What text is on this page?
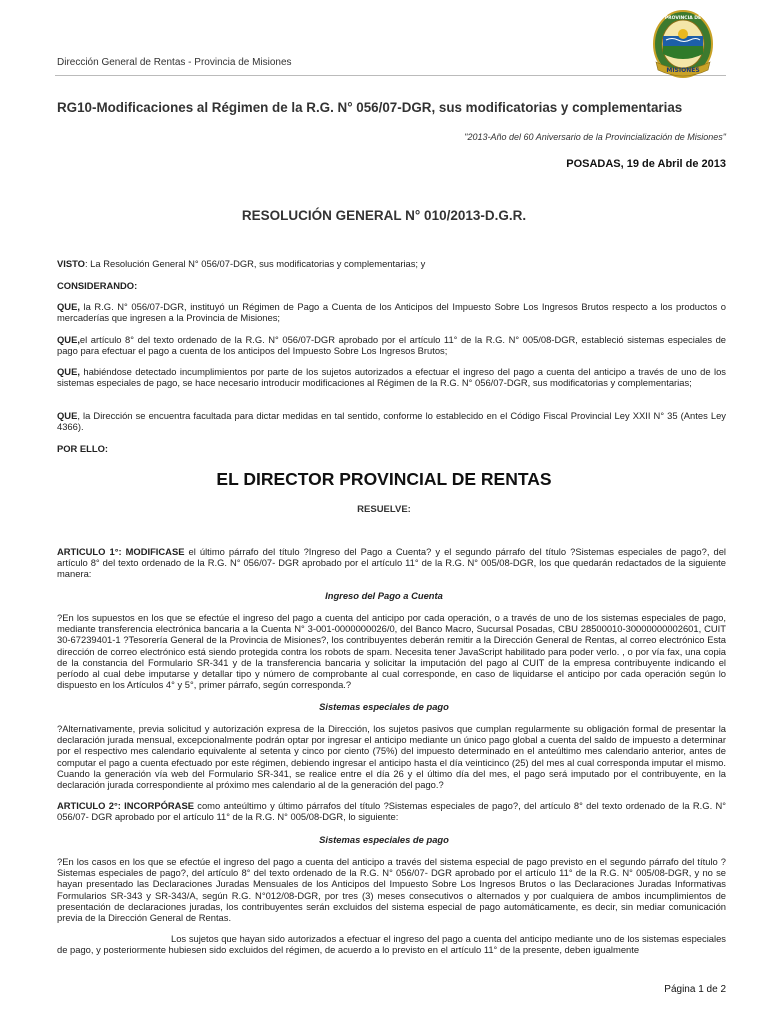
Dirección General de Rentas - Provincia de Misiones
MISIONES
PROVINCIA DE
RG10-Modificaciones al Régimen de la R.G. N° 056/07-DGR, sus modificatorias y complementarias
"2013-Año del 60 Aniversario de la Provincialización de Misiones"
POSADAS, 19 de Abril de 2013
RESOLUCIÓN GENERAL N° 010/2013-D.G.R.
VISTO: La Resolución General N° 056/07-DGR, sus modificatorias y complementarias; y
CONSIDERANDO:
QUE, la R.G. N° 056/07-DGR, instituyó un Régimen de Pago a Cuenta de los Anticipos del Impuesto Sobre Los Ingresos Brutos respecto a los productos o mercaderías que ingresen a la Provincia de Misiones;
QUE,el artículo 8° del texto ordenado de la R.G. N° 056/07-DGR aprobado por el artículo 11° de la R.G. N° 005/08-DGR, estableció sistemas especiales de pago para efectuar el pago a cuenta de los anticipos del Impuesto Sobre Los Ingresos Brutos;
QUE, habiéndose detectado incumplimientos por parte de los sujetos autorizados a efectuar el ingreso del pago a cuenta del anticipo a través de uno de los sistemas especiales de pago, se hace necesario introducir modificaciones al Régimen de la R.G. N° 056/07-DGR, sus modificatorias y complementarias;
QUE, la Dirección se encuentra facultada para dictar medidas en tal sentido, conforme lo establecido en el Código Fiscal Provincial Ley XXII N° 35 (Antes Ley 4366).
POR ELLO:
EL DIRECTOR PROVINCIAL DE RENTAS
RESUELVE:
ARTICULO 1°: MODIFICASE el último párrafo del título ?Ingreso del Pago a Cuenta? y el segundo párrafo del título ?Sistemas especiales de pago?, del artículo 8° del texto ordenado de la R.G. N° 056/07- DGR aprobado por el artículo 11° de la R.G. N° 005/08-DGR, los que quedarán redactados de la siguiente manera:
Ingreso del Pago a Cuenta
?En los supuestos en los que se efectúe el ingreso del pago a cuenta del anticipo por cada operación, o a través de uno de los sistemas especiales de pago, mediante transferencia electrónica bancaria a la Cuenta N° 3-001-0000000026/0, del Banco Macro, Sucursal Posadas, CBU 28500010-30000000002601, CUIT 30-67239401-1 ?Tesorería General de la Provincia de Misiones?, los contribuyentes deberán remitir a la Dirección General de Rentas, al correo electrónico Esta dirección de correo electrónico está siendo protegida contra los robots de spam. Necesita tener JavaScript habilitado para poder verlo. , o por vía fax, una copia de la constancia del Formulario SR-341 y de la transferencia bancaria y solicitar la imputación del pago al CUIT de la empresa contribuyente indicando el período al cual debe imputarse y detallar tipo y número de comprobante al cual corresponde, en caso de liquidarse el anticipo por cada operación según lo dispuesto en los Artículos 4° y 5°, primer párrafo, según corresponda.?
Sistemas especiales de pago
?Alternativamente, previa solicitud y autorización expresa de la Dirección, los sujetos pasivos que cumplan regularmente su obligación formal de presentar la declaración jurada mensual, excepcionalmente podrán optar por ingresar el anticipo mediante un único pago global a cuenta del saldo de impuesto a determinar por el respectivo mes calendario equivalente al setenta y cinco por ciento (75%) del impuesto determinado en el anteúltimo mes calendario anterior, antes de computar el pago a cuenta efectuado por este régimen, debiendo ingresar el anticipo hasta el día veinticinco (25) del mes al cual corresponda imputar el mismo. Cuando la generación vía web del Formulario SR-341, se realice entre el día 26 y el último día del mes, el pago será imputado por el contribuyente, en la declaración jurada correspondiente al próximo mes calendario al de la generación del pago.?
ARTICULO 2°: INCORPÓRASE como anteúltimo y último párrafos del título ?Sistemas especiales de pago?, del artículo 8° del texto ordenado de la R.G. N° 056/07- DGR aprobado por el artículo 11° de la R.G. N° 005/08-DGR, lo siguiente:
Sistemas especiales de pago
?En los casos en los que se efectúe el ingreso del pago a cuenta del anticipo a través del sistema especial de pago previsto en el segundo párrafo del título ?Sistemas especiales de pago?, del artículo 8° del texto ordenado de la R.G. N° 056/07- DGR aprobado por el artículo 11° de la R.G. N° 005/08-DGR, y no se hayan presentado las Declaraciones Juradas Mensuales de los Anticipos del Impuesto Sobre Los Ingresos Brutos o las Declaraciones Juradas Informativas Formularios SR-343 y SR-343/A, según R.G. N°012/08-DGR, por tres (3) meses consecutivos o alternados y por cualquiera de ambos incumplimientos de presentación de declaraciones juradas, los contribuyentes serán excluidos del sistema especial de pago automáticamente, es decir, sin mediar comunicación previa de la Dirección General de Rentas.
Los sujetos que hayan sido autorizados a efectuar el ingreso del pago a cuenta del anticipo mediante uno de los sistemas especiales de pago, y posteriormente hubiesen sido excluidos del régimen, de acuerdo a lo previsto en el artículo 11° de la presente, deben igualmente
Página 1 de 2
